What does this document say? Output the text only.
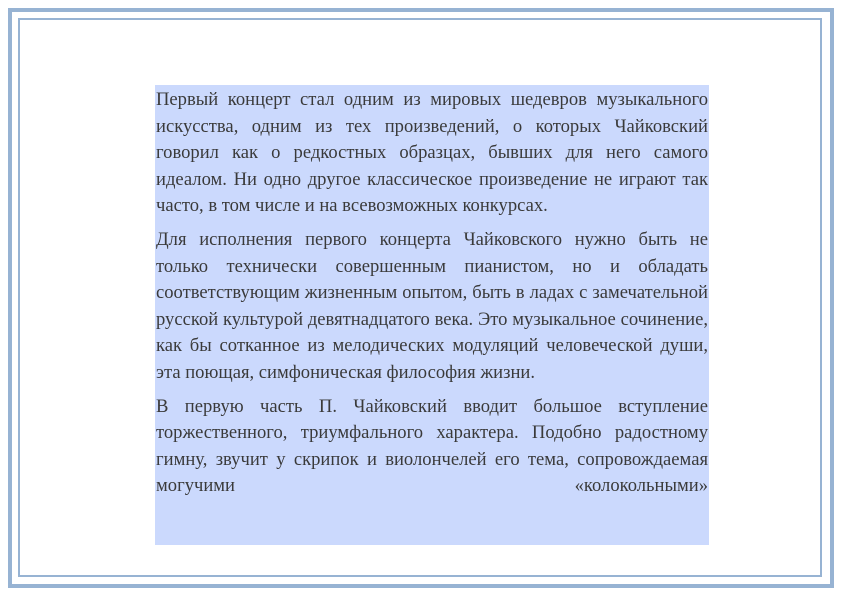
Первый концерт стал одним из мировых шедевров музыкального искусства, одним из тех произведений, о которых Чайковский говорил как о редкостных образцах, бывших для него самого идеалом. Ни одно другое классическое произведение не играют так часто, в том числе и на всевозможных конкурсах.

Для исполнения первого концерта Чайковского нужно быть не только технически совершенным пианистом, но и обладать соответствующим жизненным опытом, быть в ладах с замечательной русской культурой девятнадцатого века. Это музыкальное сочинение, как бы сотканное из мелодических модуляций человеческой души, эта поющая, симфоническая философия жизни.

В первую часть П. Чайковский вводит большое вступление торжественного, триумфального характера. Подобно радостному гимну, звучит у скрипок и виолончелей его тема, сопровождаемая могучими «колокольными»
